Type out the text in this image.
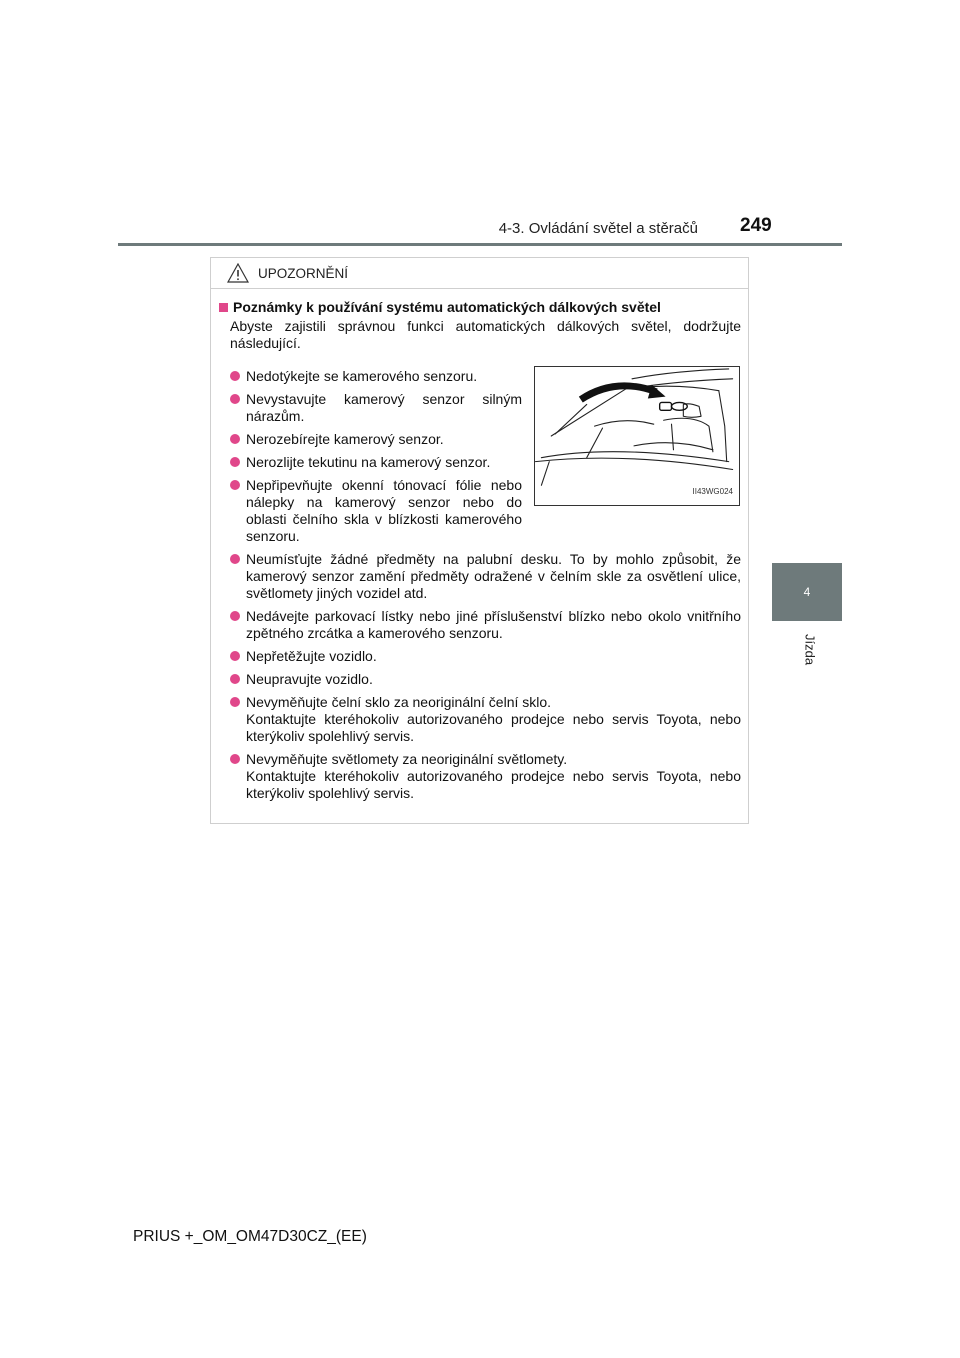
4-3. Ovládání světel a stěračů 249
4
Jízda
UPOZORNĚNÍ
Poznámky k používání systému automatických dálkových světel
Abyste zajistili správnou funkci automatických dálkových světel, dodržujte následující.
Nedotýkejte se kamerového senzoru.
Nevystavujte kamerový senzor silným nárazům.
Nerozebírejte kamerový senzor.
Nerozlijte tekutinu na kamerový senzor.
Nepřipevňujte okenní tónovací fólie nebo nálepky na kamerový senzor nebo do oblasti čelního skla v blízkosti kamerového senzoru.
II43WG024
Neumísťujte žádné předměty na palubní desku. To by mohlo způsobit, že kamerový senzor zamění předměty odražené v čelním skle za osvětlení ulice, světlomety jiných vozidel atd.
Nedávejte parkovací lístky nebo jiné příslušenství blízko nebo okolo vnitřního zpětného zrcátka a kamerového senzoru.
Nepřetěžujte vozidlo.
Neupravujte vozidlo.
Nevyměňujte čelní sklo za neoriginální čelní sklo.
Kontaktujte kteréhokoliv autorizovaného prodejce nebo servis Toyota, nebo kterýkoliv spolehlivý servis.
Nevyměňujte světlomety za neoriginální světlomety.
Kontaktujte kteréhokoliv autorizovaného prodejce nebo servis Toyota, nebo kterýkoliv spolehlivý servis.
PRIUS +_OM_OM47D30CZ_(EE)
